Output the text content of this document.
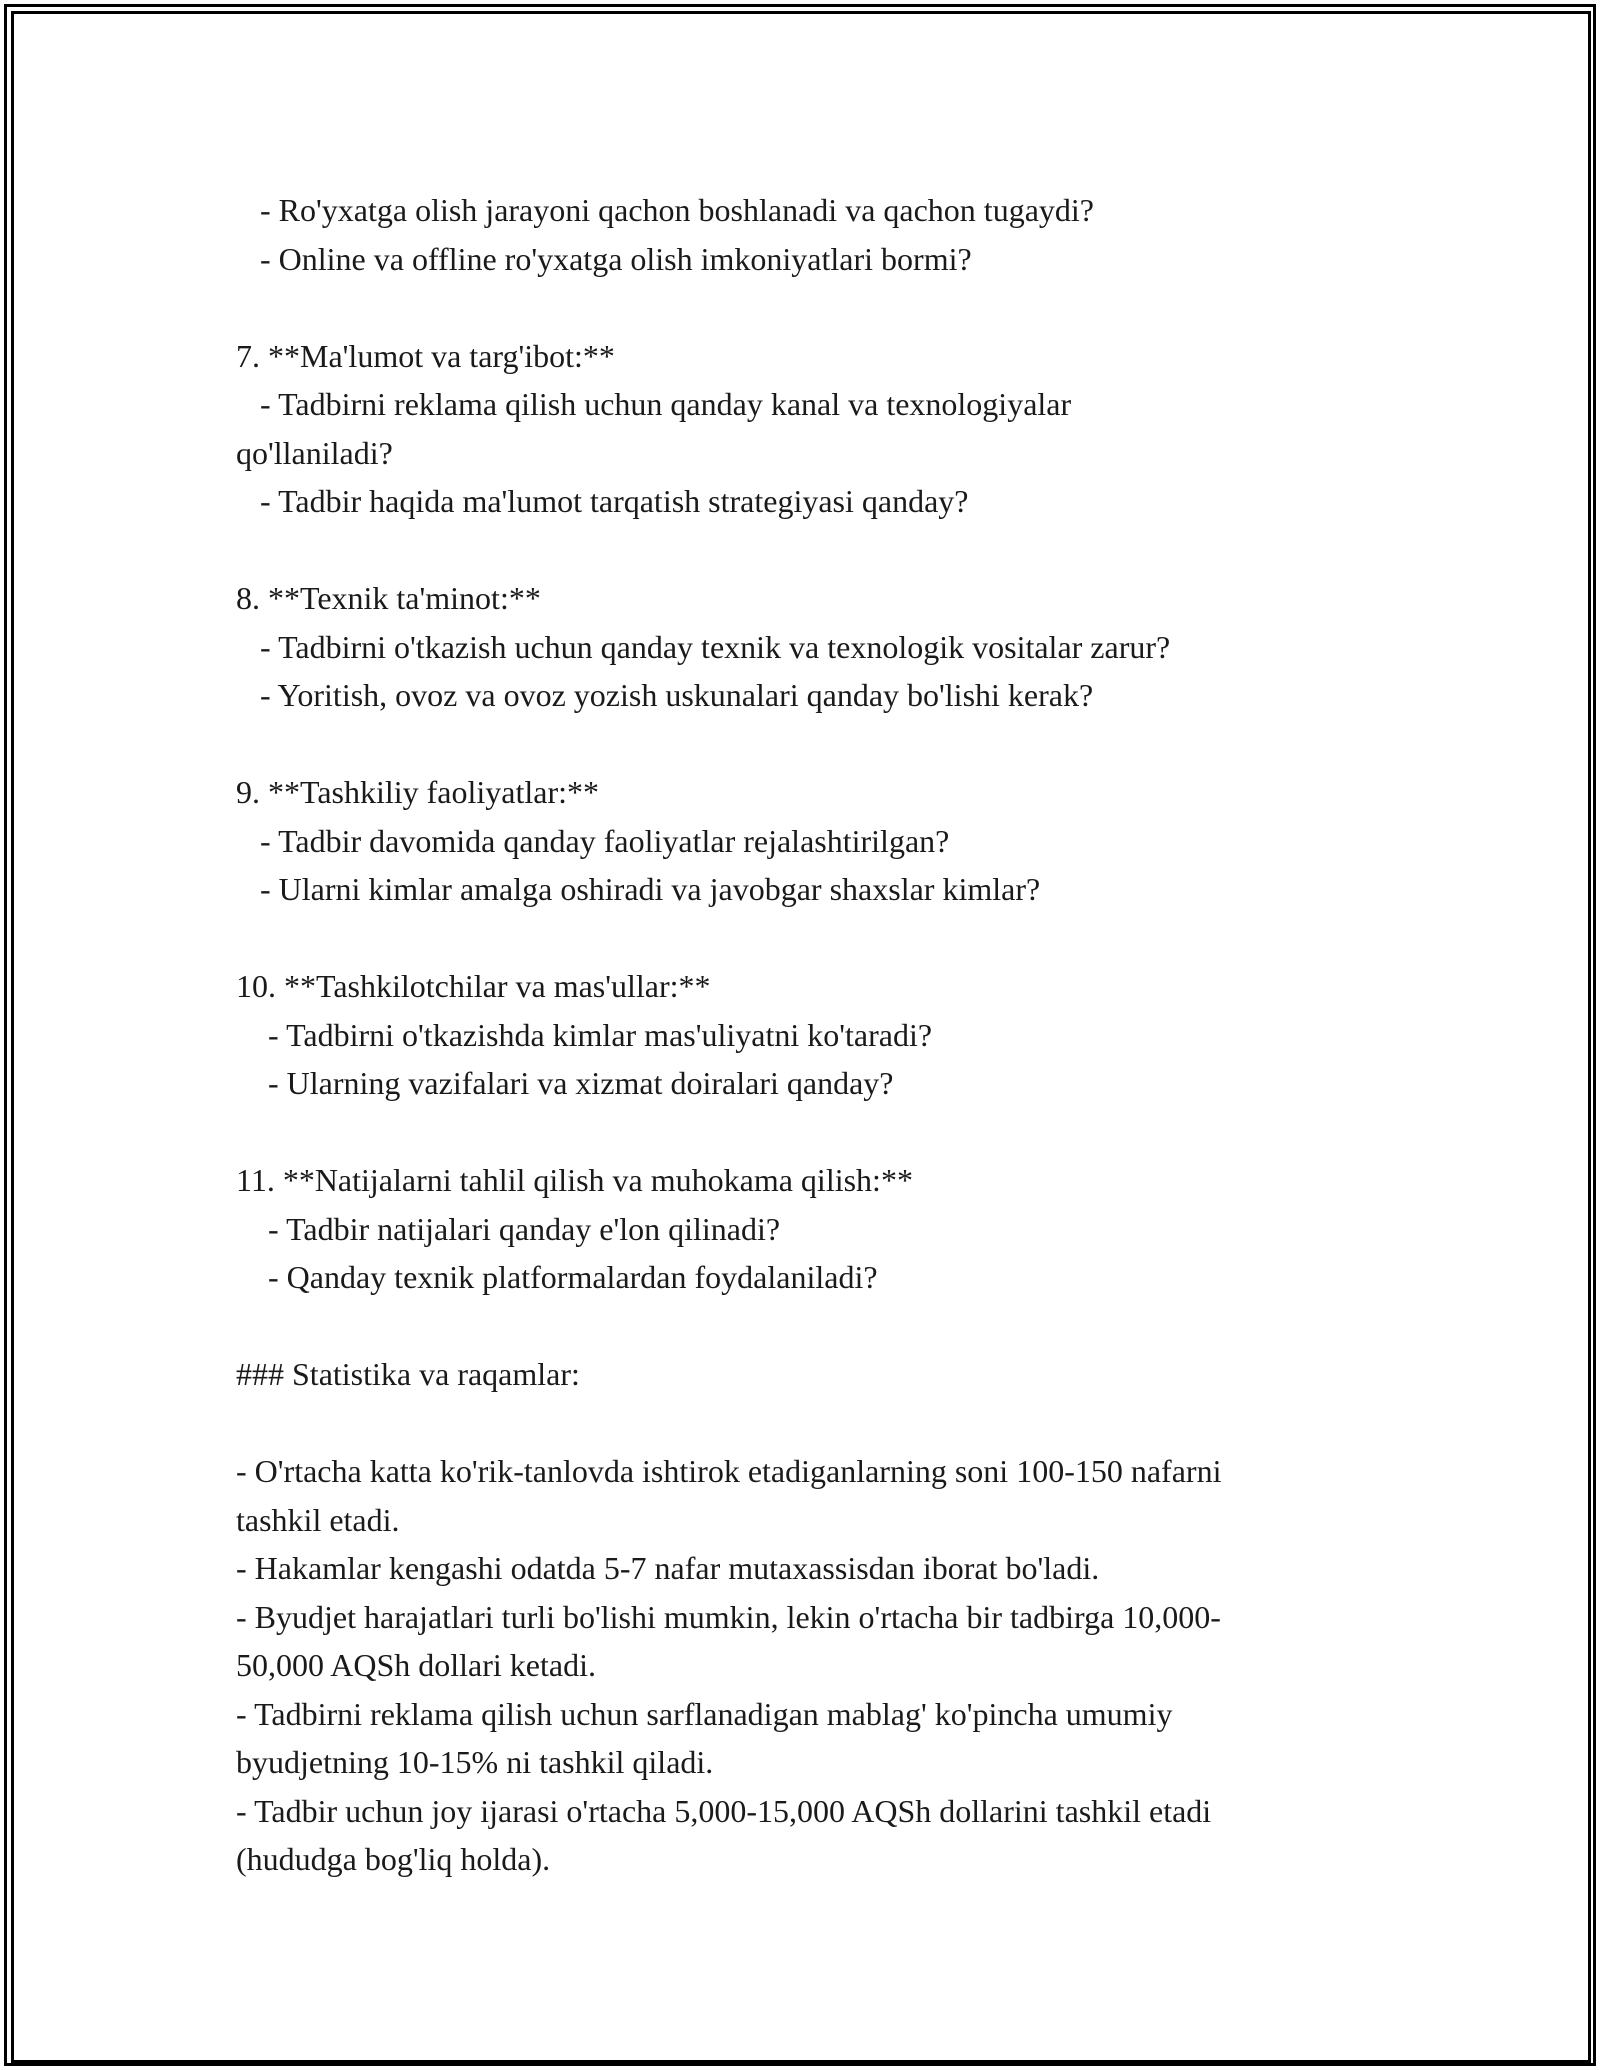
- Ro'yxatga olish jarayoni qachon boshlanadi va qachon tugaydi?

- Online va offline ro'yxatga olish imkoniyatlari bormi?

7. **Ma'lumot va targ'ibot:**

- Tadbirni reklama qilish uchun qanday kanal va texnologiyalar

qo'llaniladi?

- Tadbir haqida ma'lumot tarqatish strategiyasi qanday?

8. **Texnik ta'minot:**

- Tadbirni o'tkazish uchun qanday texnik va texnologik vositalar zarur?

- Yoritish, ovoz va ovoz yozish uskunalari qanday bo'lishi kerak?

9. **Tashkiliy faoliyatlar:**

- Tadbir davomida qanday faoliyatlar rejalashtirilgan?

- Ularni kimlar amalga oshiradi va javobgar shaxslar kimlar?

10. **Tashkilotchilar va mas'ullar:**

- Tadbirni o'tkazishda kimlar mas'uliyatni ko'taradi?

- Ularning vazifalari va xizmat doiralari qanday?

11. **Natijalarni tahlil qilish va muhokama qilish:**

- Tadbir natijalari qanday e'lon qilinadi?

- Qanday texnik platformalardan foydalaniladi?

### Statistika va raqamlar:

- O'rtacha katta ko'rik-tanlovda ishtirok etadiganlarning soni 100-150 nafarni

tashkil etadi.

- Hakamlar kengashi odatda 5-7 nafar mutaxassisdan iborat bo'ladi.

- Byudjet harajatlari turli bo'lishi mumkin, lekin o'rtacha bir tadbirga 10,000-

50,000 AQSh dollari ketadi.

- Tadbirni reklama qilish uchun sarflanadigan mablag' ko'pincha umumiy

byudjetning 10-15% ni tashkil qiladi.

- Tadbir uchun joy ijarasi o'rtacha 5,000-15,000 AQSh dollarini tashkil etadi

(hududga bog'liq holda).
